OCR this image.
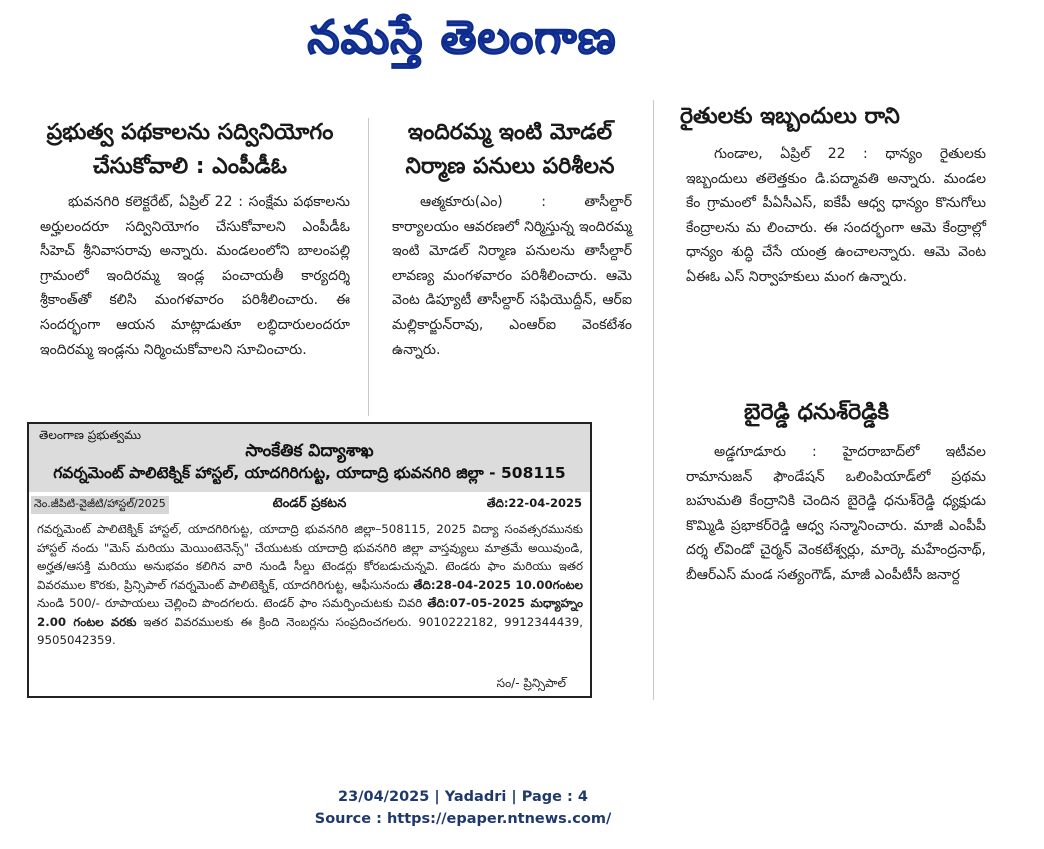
నమస్తే తెలంగాణ
ప్రభుత్వ పథకాలను సద్వినియోగం
చేసుకోవాలి : ఎంపీడీఓ

భువనగిరి కలెక్టరేట్, ఏప్రిల్ 22 : సంక్షేమ పథకాలను అర్హులందరూ సద్వినియోగం చేసుకోవాలని ఎంపీడీఓ సీహెచ్ శ్రీనివాసరావు అన్నారు. మండలంలోని బాలంపల్లి గ్రామంలో ఇందిరమ్మ ఇండ్ల పంచాయతీ కార్యదర్శి శ్రీకాంత్‌తో కలిసి మంగళవారం పరిశీలించారు. ఈ సందర్భంగా ఆయన మాట్లాడుతూ లబ్ధిదారులందరూ ఇందిరమ్మ ఇండ్లను నిర్మించుకోవాలని సూచించారు.

ఇందిరమ్మ ఇంటి మోడల్
నిర్మాణ పనులు పరిశీలన

ఆత్మకూరు(ఎం) : తాసీల్దార్ కార్యాలయం ఆవరణలో నిర్మిస్తున్న ఇందిరమ్మ ఇంటి మోడల్ నిర్మాణ పనులను తాసీల్దార్ లావణ్య మంగళవారం పరిశీలించారు. ఆమె వెంట డిప్యూటీ తాసీల్దార్ సఫియొద్దీన్, ఆర్ఐ మల్లికార్జున్‌రావు, ఎంఆర్ఐ వెంకటేశం ఉన్నారు.

రైతులకు ఇబ్బందులు రాని

గుండాల, ఏప్రిల్ 22 : ధాన్యం రైతులకు ఇబ్బందులు తలెత్తకుం డి.పద్మావతి అన్నారు. మండల కేం గ్రామంలో పీఏసీఎస్, ఐకేపీ ఆధ్వ ధాన్యం కొనుగోలు కేంద్రాలను మ లించారు. ఈ సందర్భంగా ఆమె కేంద్రాల్లో ధాన్యం శుద్ధి చేసే యంత్ర ఉంచాలన్నారు. ఆమె వెంట ఏఈఓ ఎస్ నిర్వాహకులు మంగ ఉన్నారు.

బైరెడ్డి ధనుశ్‌రెడ్డికి

అడ్డగూడూరు : హైదరాబాద్‌లో ఇటీవల రామానుజన్ ఫౌండేషన్ ఒలింపియాడ్‌లో ప్రథమ బహుమతి కేంద్రానికి చెందిన బైరెడ్డి ధనుశ్‌రెడ్డి ధ్యక్షుడు కొమ్మిడి ప్రభాకర్‌రెడ్డి ఆధ్వ సన్మానించారు. మాజీ ఎంపీపీ దర్శ ల్‌విండో చైర్మన్ వెంకటేశ్వర్లు, మార్కె మహేంద్రనాథ్, బీఆర్ఎస్ మండ సత్యంగౌడ్, మాజీ ఎంపీటీసీ జనార్ద

తెలంగాణ ప్రభుత్వము
సాంకేతిక విద్యాశాఖ
గవర్నమెంట్ పాలిటెక్నిక్ హాస్టల్, యాదగిరిగుట్ట, యాదాద్రి భువనగిరి జిల్లా - 508115
టెండర్ ప్రకటన
నెం.జీపిటి-వైజీటి/హాస్టల్/2025	తేది:22-04-2025
గవర్నమెంట్ పాలిటెక్నిక్ హాస్టల్, యాదగిరిగుట్ట, యాదాద్రి భువనగిరి జిల్లా–508115, 2025 విద్యా సంవత్సరమునకు హాస్టల్ నందు "మెస్ మరియు మెయింటెనెన్స్" చేయుటకు యాదాద్రి భువనగిరి జిల్లా వాస్తవ్యులు మాత్రమే అయివుండి, అర్హత/ఆసక్తి మరియు అనుభవం కలిగిన వారి నుండి సీల్డు టెండర్లు కోరబడుచున్నవి. టెండరు ఫాం మరియు ఇతర వివరముల కొరకు, ప్రిన్సిపాల్ గవర్నమెంట్ పాలిటెక్నిక్, యాదగిరిగుట్ట, ఆఫీసునందు తేది:28-04-2025 10.00గంటల నుండి 500/- రూపాయలు చెల్లించి పొందగలరు. టెండర్ ఫాం సమర్పించుటకు చివరి తేది:07-05-2025 మధ్యాహ్నం 2.00 గంటల వరకు ఇతర వివరములకు ఈ క్రింది నెంబర్లను సంప్రదించగలరు. 9010222182, 9912344439, 9505042359.
సం/- ప్రిన్సిపాల్
23/04/2025 | Yadadri | Page : 4
Source : https://epaper.ntnews.com/
